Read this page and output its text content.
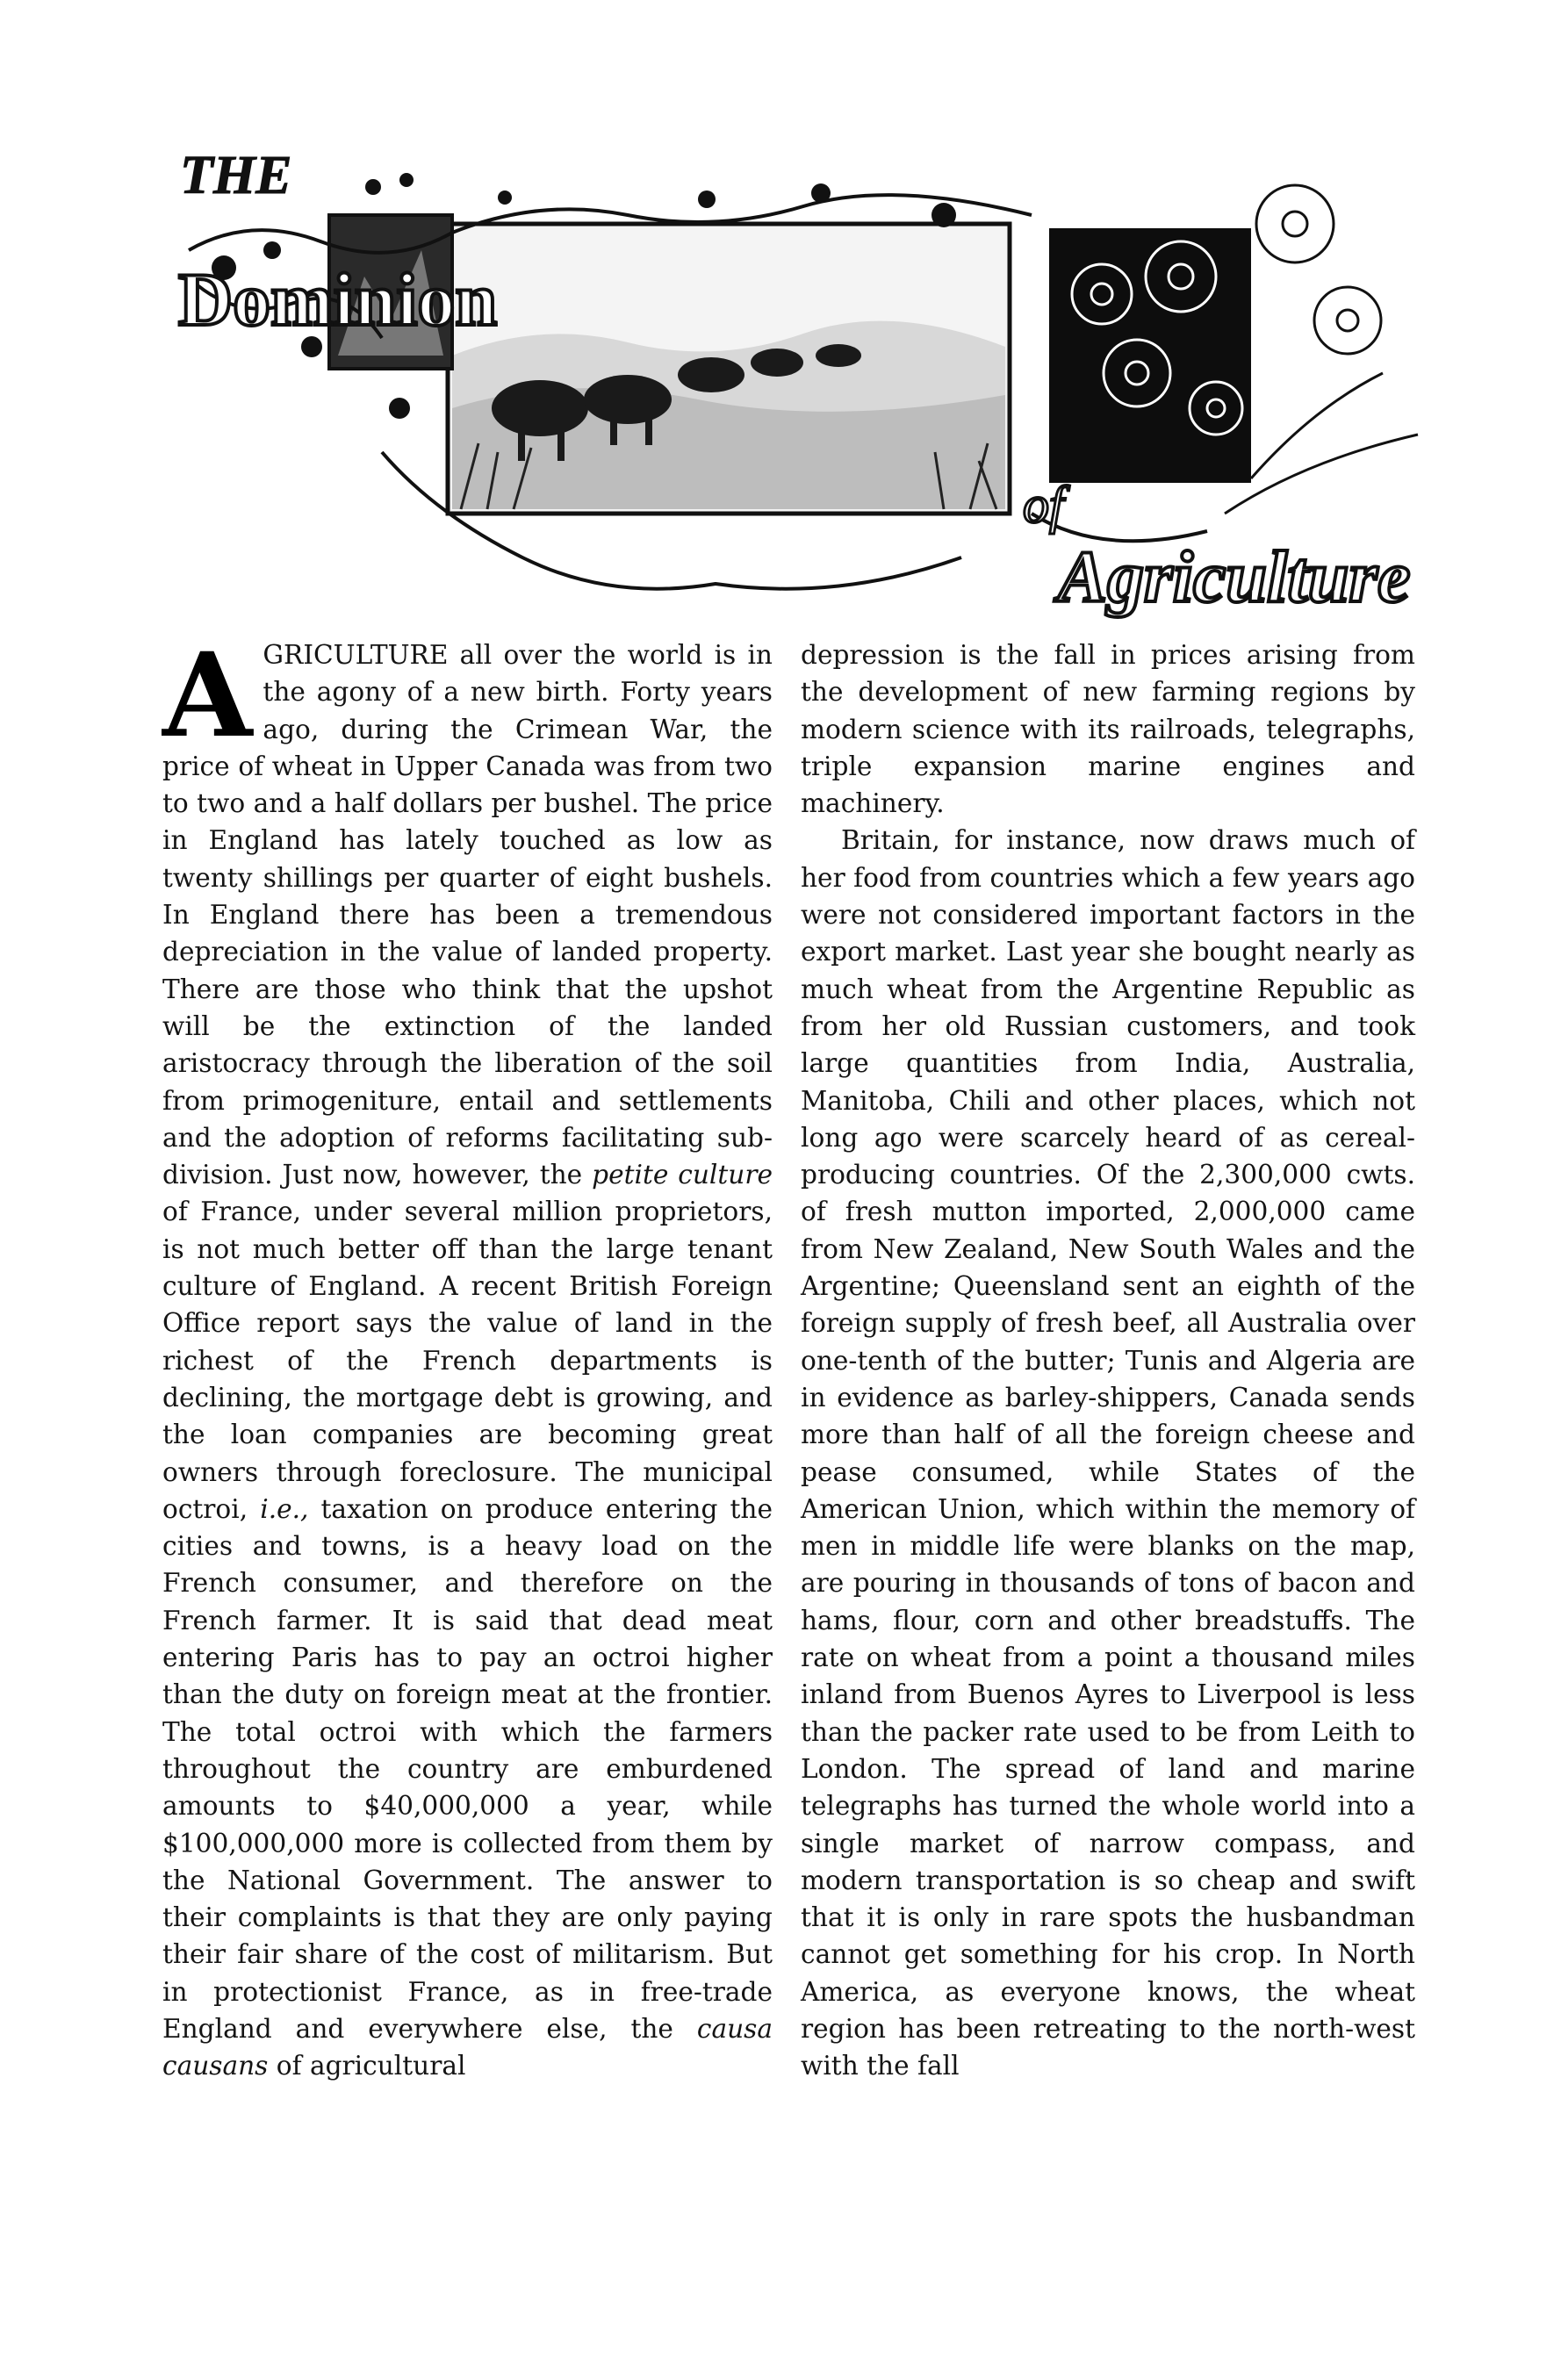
THE
Dominion
of
Agriculture

AGRICULTURE all over the world is in the agony of a new birth. Forty years ago, during the Crimean War, the price of wheat in Upper Canada was from two to two and a half dollars per bushel. The price in England has lately touched as low as twenty shillings per quarter of eight bushels. In England there has been a tremendous depreciation in the value of landed property. There are those who think that the upshot will be the extinction of the landed aristocracy through the liberation of the soil from primogeniture, entail and settlements and the adoption of reforms facilitating sub-division. Just now, however, the petite culture of France, under several million proprietors, is not much better off than the large tenant culture of England. A recent British Foreign Office report says the value of land in the richest of the French departments is declining, the mortgage debt is growing, and the loan companies are becoming great owners through foreclosure. The municipal octroi, i.e., taxation on produce entering the cities and towns, is a heavy load on the French consumer, and therefore on the French farmer. It is said that dead meat entering Paris has to pay an octroi higher than the duty on foreign meat at the frontier. The total octroi with which the farmers throughout the country are emburdened amounts to $40,000,000 a year, while $100,000,000 more is collected from them by the National Government. The answer to their complaints is that they are only paying their fair share of the cost of militarism. But in protectionist France, as in free-trade England and everywhere else, the causa causans of agricultural

depression is the fall in prices arising from the development of new farming regions by modern science with its railroads, telegraphs, triple expansion marine engines and machinery.

Britain, for instance, now draws much of her food from countries which a few years ago were not considered important factors in the export market. Last year she bought nearly as much wheat from the Argentine Republic as from her old Russian customers, and took large quantities from India, Australia, Manitoba, Chili and other places, which not long ago were scarcely heard of as cereal-producing countries. Of the 2,300,000 cwts. of fresh mutton imported, 2,000,000 came from New Zealand, New South Wales and the Argentine; Queensland sent an eighth of the foreign supply of fresh beef, all Australia over one-tenth of the butter; Tunis and Algeria are in evidence as barley-shippers, Canada sends more than half of all the foreign cheese and pease consumed, while States of the American Union, which within the memory of men in middle life were blanks on the map, are pouring in thousands of tons of bacon and hams, flour, corn and other breadstuffs. The rate on wheat from a point a thousand miles inland from Buenos Ayres to Liverpool is less than the packer rate used to be from Leith to London. The spread of land and marine telegraphs has turned the whole world into a single market of narrow compass, and modern transportation is so cheap and swift that it is only in rare spots the husbandman cannot get something for his crop. In North America, as everyone knows, the wheat region has been retreating to the north-west with the fall
